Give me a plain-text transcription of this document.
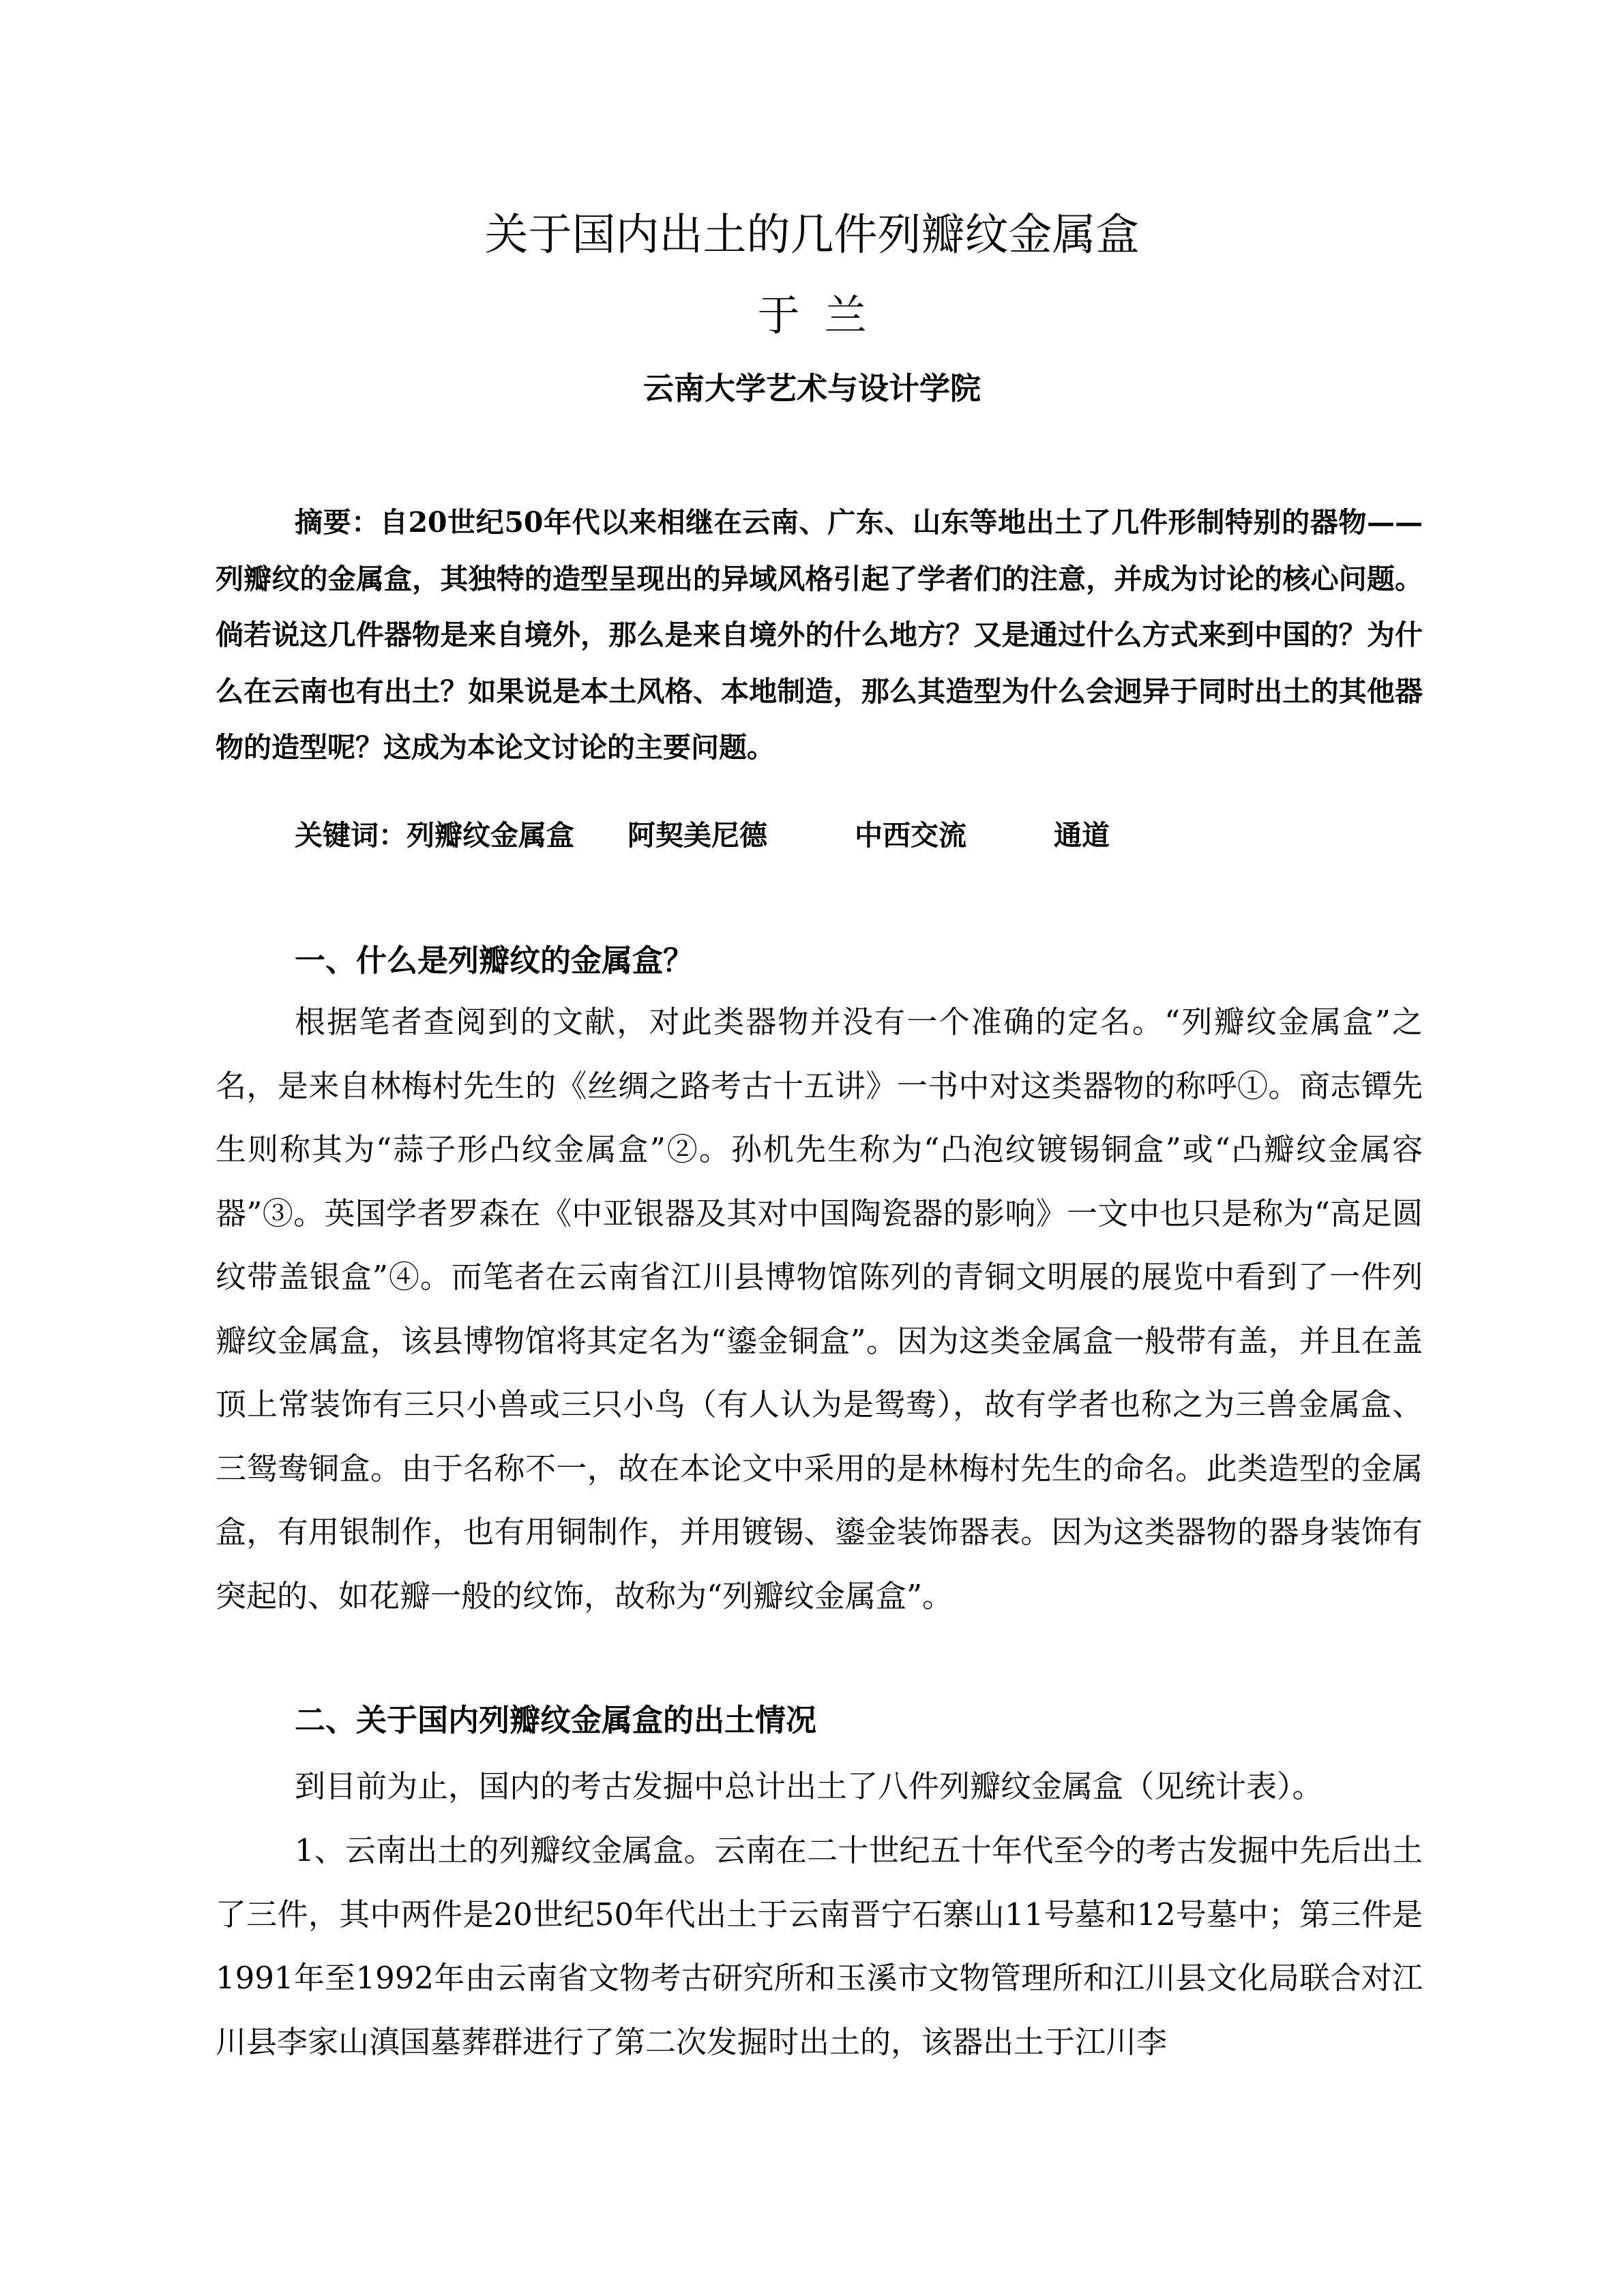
关于国内出土的几件列瓣纹金属盒
于兰
云南大学艺术与设计学院

摘要：自20世纪50年代以来相继在云南、广东、山东等地出土了几件形制特别的器物——列瓣纹的金属盒，其独特的造型呈现出的异域风格引起了学者们的注意，并成为讨论的核心问题。倘若说这几件器物是来自境外，那么是来自境外的什么地方？又是通过什么方式来到中国的？为什么在云南也有出土？如果说是本土风格、本地制造，那么其造型为什么会迥异于同时出土的其他器物的造型呢？这成为本论文讨论的主要问题。

关键词：列瓣纹金属盒 阿契美尼德	中西交流	通道
一、什么是列瓣纹的金属盒？

根据笔者查阅到的文献，对此类器物并没有一个准确的定名。“列瓣纹金属盒”之名，是来自林梅村先生的《丝绸之路考古十五讲》一书中对这类器物的称呼①。商志镡先生则称其为“蒜子形凸纹金属盒”②。孙机先生称为“凸泡纹镀锡铜盒”或“凸瓣纹金属容器”③。英国学者罗森在《中亚银器及其对中国陶瓷器的影响》一文中也只是称为“高足圆纹带盖银盒”④。而笔者在云南省江川县博物馆陈列的青铜文明展的展览中看到了一件列瓣纹金属盒，该县博物馆将其定名为“鎏金铜盒”。因为这类金属盒一般带有盖，并且在盖顶上常装饰有三只小兽或三只小鸟（有人认为是鸳鸯），故有学者也称之为三兽金属盒、三鸳鸯铜盒。由于名称不一，故在本论文中采用的是林梅村先生的命名。此类造型的金属盒，有用银制作，也有用铜制作，并用镀锡、鎏金装饰器表。因为这类器物的器身装饰有突起的、如花瓣一般的纹饰，故称为“列瓣纹金属盒”。

二、关于国内列瓣纹金属盒的出土情况

到目前为止，国内的考古发掘中总计出土了八件列瓣纹金属盒（见统计表）。

1、云南出土的列瓣纹金属盒。云南在二十世纪五十年代至今的考古发掘中先后出土了三件，其中两件是20世纪50年代出土于云南晋宁石寨山11号墓和12号墓中；第三件是1991年至1992年由云南省文物考古研究所和玉溪市文物管理所和江川县文化局联合对江川县李家山滇国墓葬群进行了第二次发掘时出土的，该器出土于江川李
